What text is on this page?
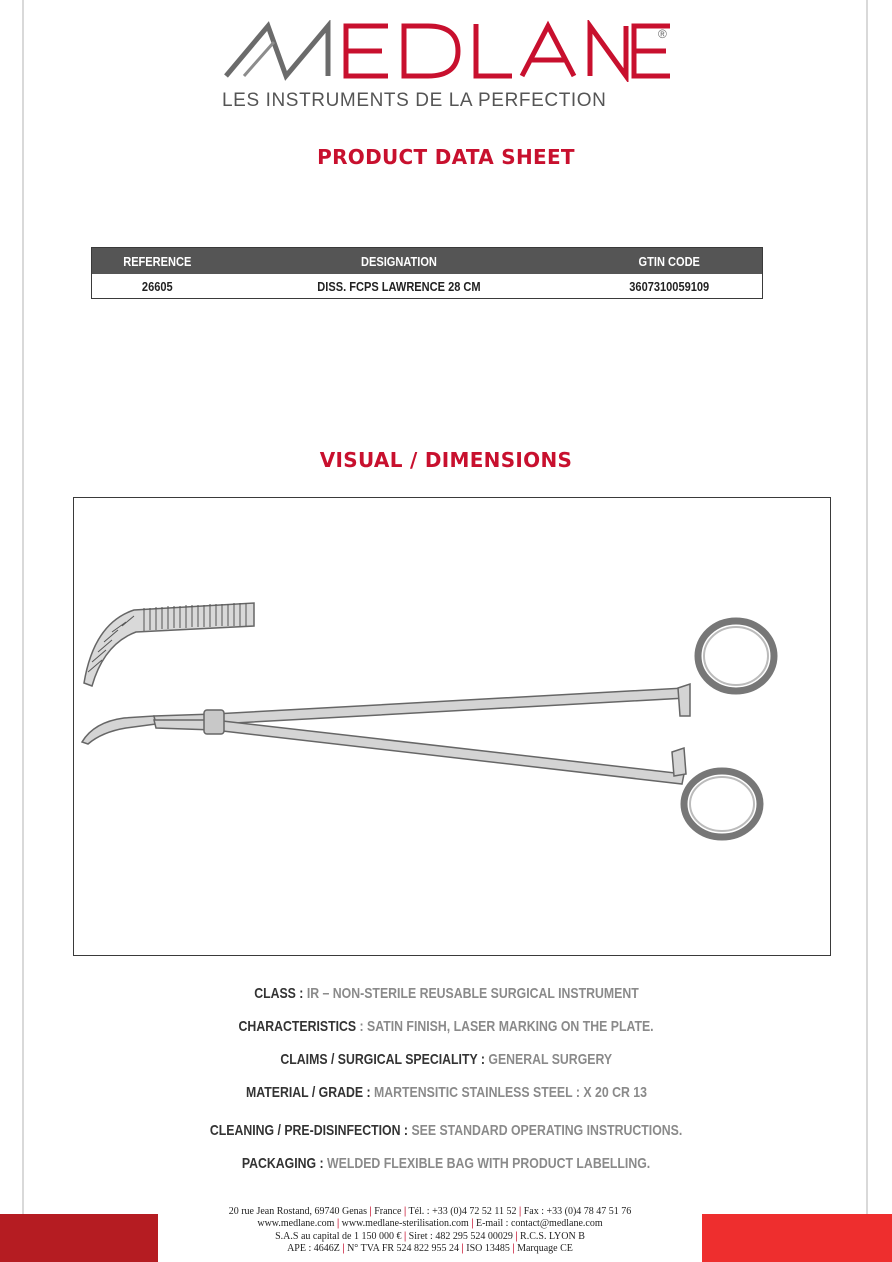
®
LES INSTRUMENTS DE LA PERFECTION
PRODUCT DATA SHEET
REFERENCE	DESIGNATION	GTIN CODE
26605	DISS. FCPS LAWRENCE 28 CM	3607310059109
VISUAL / DIMENSIONS
CLASS : IR – NON-STERILE REUSABLE SURGICAL INSTRUMENT
CHARACTERISTICS : SATIN FINISH, LASER MARKING ON THE PLATE.
CLAIMS / SURGICAL SPECIALITY : GENERAL SURGERY
MATERIAL / GRADE : MARTENSITIC STAINLESS STEEL : X 20 CR 13
CLEANING / PRE-DISINFECTION : SEE STANDARD OPERATING INSTRUCTIONS.
PACKAGING : WELDED FLEXIBLE BAG WITH PRODUCT LABELLING.
20 rue Jean Rostand, 69740 Genas | France | Tél. : +33 (0)4 72 52 11 52 | Fax : +33 (0)4 78 47 51 76
www.medlane.com | www.medlane-sterilisation.com | E-mail : contact@medlane.com
S.A.S au capital de 1 150 000 € | Siret : 482 295 524 00029 | R.C.S. LYON B
APE : 4646Z | N° TVA FR 524 822 955 24 | ISO 13485 | Marquage CE
